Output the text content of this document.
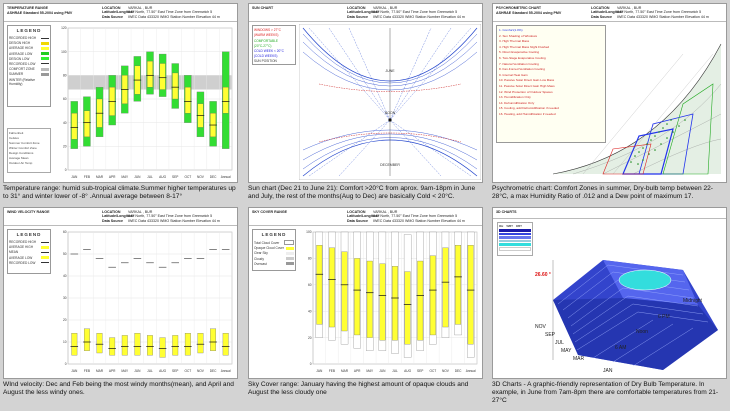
TEMPERATURE RANGE
ASHRAE Standard 55-2004 using PMV
LOCATION VARKAL , BUR
Latitude/Longitude8.0° North, 77.50° East Time Zone from Greenwich 5
Data Source IWEC Data 433320 WMO Station Number Elevation 44 m
LEGEND
RECORDED HIGH
DESIGN HIGH
AVERAGE HIGH
AVERAGE LOW
DESIGN LOW
RECORDED LOW
COMFORT ZONE
SUMMER
WINTER (Relative Humidity)
Fahrenheit
Celsius
Summer Comfort Zone
Winter Comfort Zone
Design Conditions
Average Mean
Outdoor Air Temp
0
20
40
60
80
100
120
JAN FEB MAR APR MAY JUN JUL AUG SEP OCT NOV DEC Annual
Temperature range: humid sub-tropical climate.Summer higher temperatures up to 31° and winter lower of -8° .Annual average between 8-17°
SUN CHART	LOCATION VARKAL , BUR
Latitude/Longitude8.0° North, 77.50° East Time Zone from Greenwich 5
Data Source IWEC Data 433320 WMO Station Number Elevation 44 m
WINDOWS > 27°C
(WARM WEEKS)
COMFORTABLE
(20°C-27°C)
COLD WEEK < 20°C
(COLD WEEKS)
SUN POSITION
JUNE
NOON
DECEMBER
Sun chart (Dec 21 to June 21): Comfort >20°C from aprox. 9am-18pm in June and July, the rest of the months(Aug to Dec) are basically Cold < 20°C.
PSYCHROMETRIC CHART
ASHRAE Standard 55-2004 using PMV
LOCATION VARKAL , BUR
Latitude/Longitude8.0° North, 77.50° East Time Zone from Greenwich 5
Data Source IWEC Data 433320 WMO Station Number Elevation 44 m
1. Comfort(1.0%)
2. Sun Shading of Windows
3. High Thermal Mass
4. High Thermal Mass Night Flushed
5. Direct Evaporative Cooling
6. Two-Stage Evaporative Cooling
7. Natural Ventilation Cooling
8. Fan-Forced Ventilation Cooling
9. Internal Heat Gain
10. Passive Solar Direct Gain Low Mass
11. Passive Solar Direct Gain High Mass
12. Wind Protection of Outdoor Spaces
13. Humidification Only
14. Dehumidification Only
15. Cooling, add Dehumidification if needed
16. Heating, add Humidification if needed
Psychrometric chart: Comfort Zones in summer, Dry-bulb temp between 22-28°C, a max Humidity Ratio of .012 and a Dew point of maximum 17.
WIND VELOCITY RANGE	LOCATION VARKAL , BUR
Latitude/Longitude8.0° North, 77.50° East Time Zone from Greenwich 5
Data Source IWEC Data 433320 WMO Station Number Elevation 44 m
LEGEND
RECORDED HIGH
AVERAGE HIGH
MEAN
AVERAGE LOW
RECORDED LOW
0
10
20
30
40
50
60
JAN FEB MAR APR MAY JUN JUL AUG SEP OCT NOV DEC Annual
WInd velocity: Dec and Feb being the most windy months(mean), and April and August the less windy ones.
SKY COVER RANGE	LOCATION VARKAL , BUR
Latitude/Longitude8.0° North, 77.50° East Time Zone from Greenwich 5
Data Source IWEC Data 433320 WMO Station Number Elevation 44 m
LEGEND
Total Cloud Cover
Opaque Cloud Cover
Clear Sky
Cloudy
Overcast
0
20
40
60
80
100
JAN FEB MAR APR MAY JUN JUL AUG SEP OCT NOV DEC Annual
Sky Cover range: January having the highest amount of opaque clouds and August the less cloudy one
3D CHARTS
RH WBT DBT
26.60 °
NOV
SEP
JUL
MAY
MAR
JAN
Midnight
6 PM
Noon
6 AM
3D Charts - A graphic-friendly representation of Dry Bulb Temperature. In example, in June from 7am-8pm there are comfortable temperatures from 21-27°C
